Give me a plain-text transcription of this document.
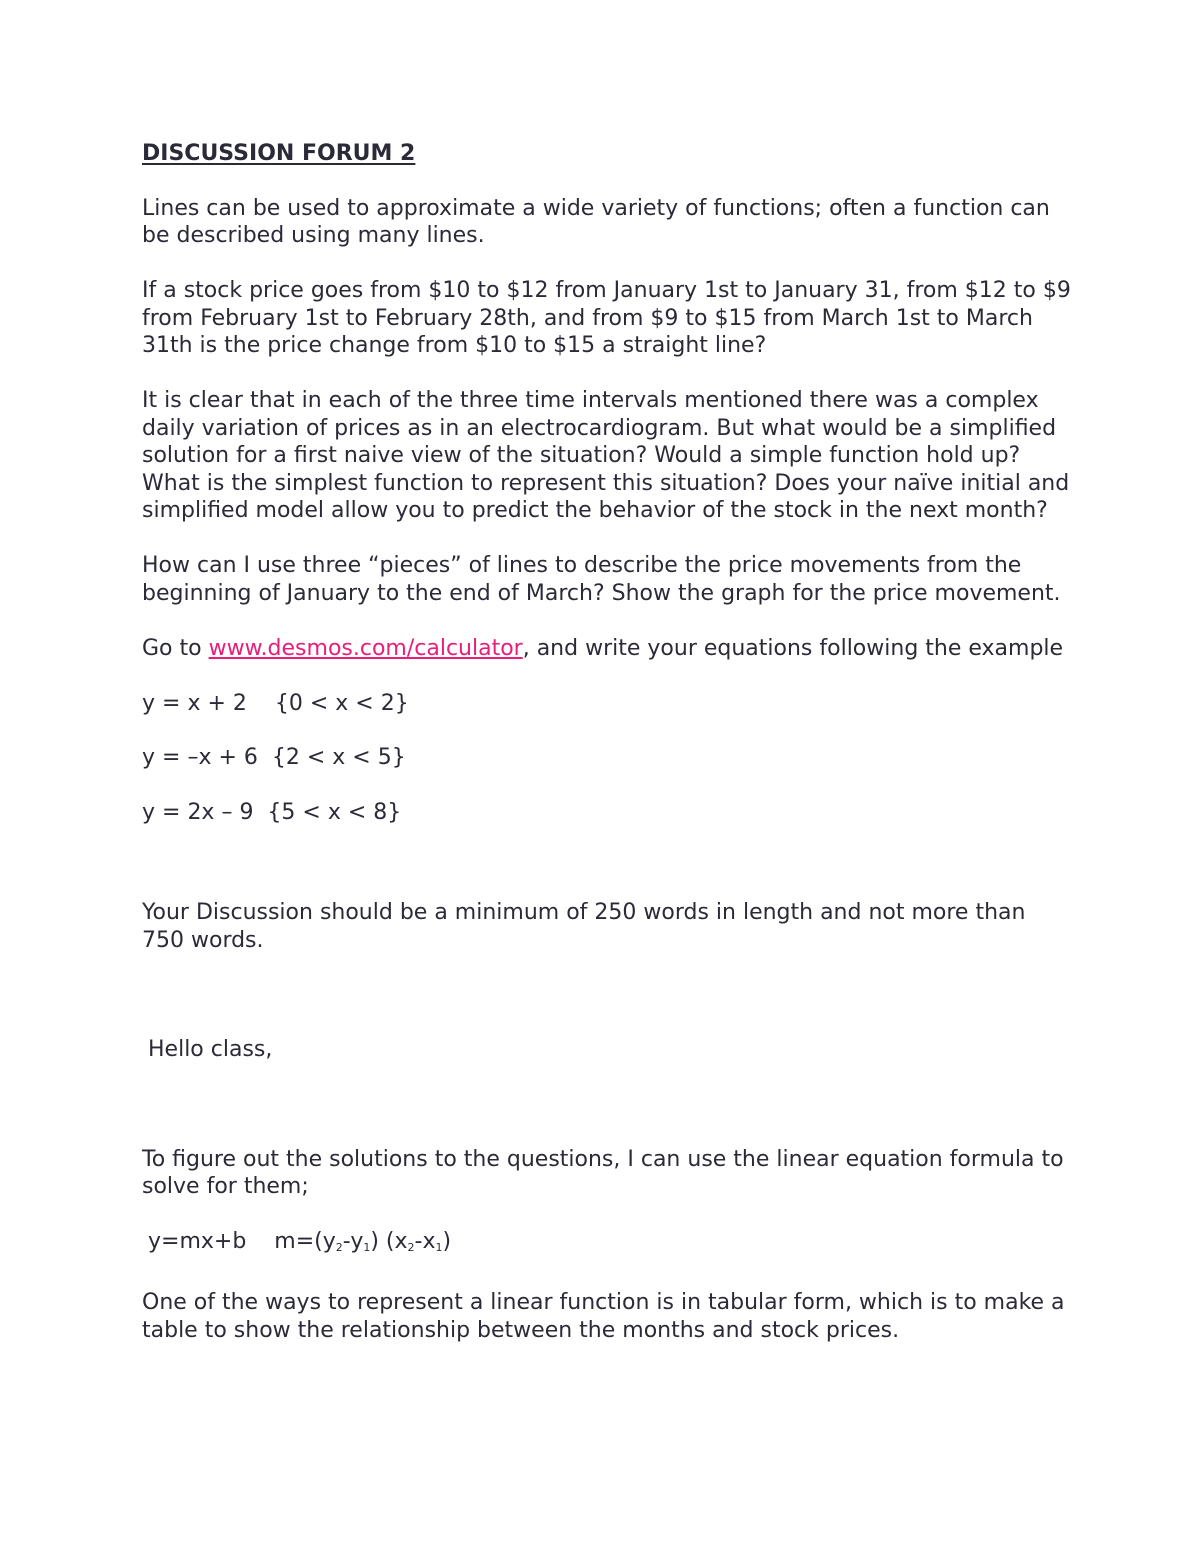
DISCUSSION FORUM 2
Lines can be used to approximate a wide variety of functions; often a function can be described using many lines.
If a stock price goes from $10 to $12 from January 1st to January 31, from $12 to $9 from February 1st to February 28th, and from $9 to $15 from March 1st to March 31th is the price change from $10 to $15 a straight line?
It is clear that in each of the three time intervals mentioned there was a complex daily variation of prices as in an electrocardiogram. But what would be a simplified solution for a first naive view of the situation? Would a simple function hold up? What is the simplest function to represent this situation? Does your naïve initial and simplified model allow you to predict the behavior of the stock in the next month?
How can I use three “pieces” of lines to describe the price movements from the beginning of January to the end of March? Show the graph for the price movement.
Go to www.desmos.com/calculator, and write your equations following the example
y = x + 2    {0 < x < 2}
y = –x + 6  {2 < x < 5}
y = 2x – 9  {5 < x < 8}
Your Discussion should be a minimum of 250 words in length and not more than 750 words.
Hello class,
To figure out the solutions to the questions, I can use the linear equation formula to solve for them;
y=mx+b $m=(y_2-y_1)$ $(x_2-x_1)$
One of the ways to represent a linear function is in tabular form, which is to make a table to show the relationship between the months and stock prices.
